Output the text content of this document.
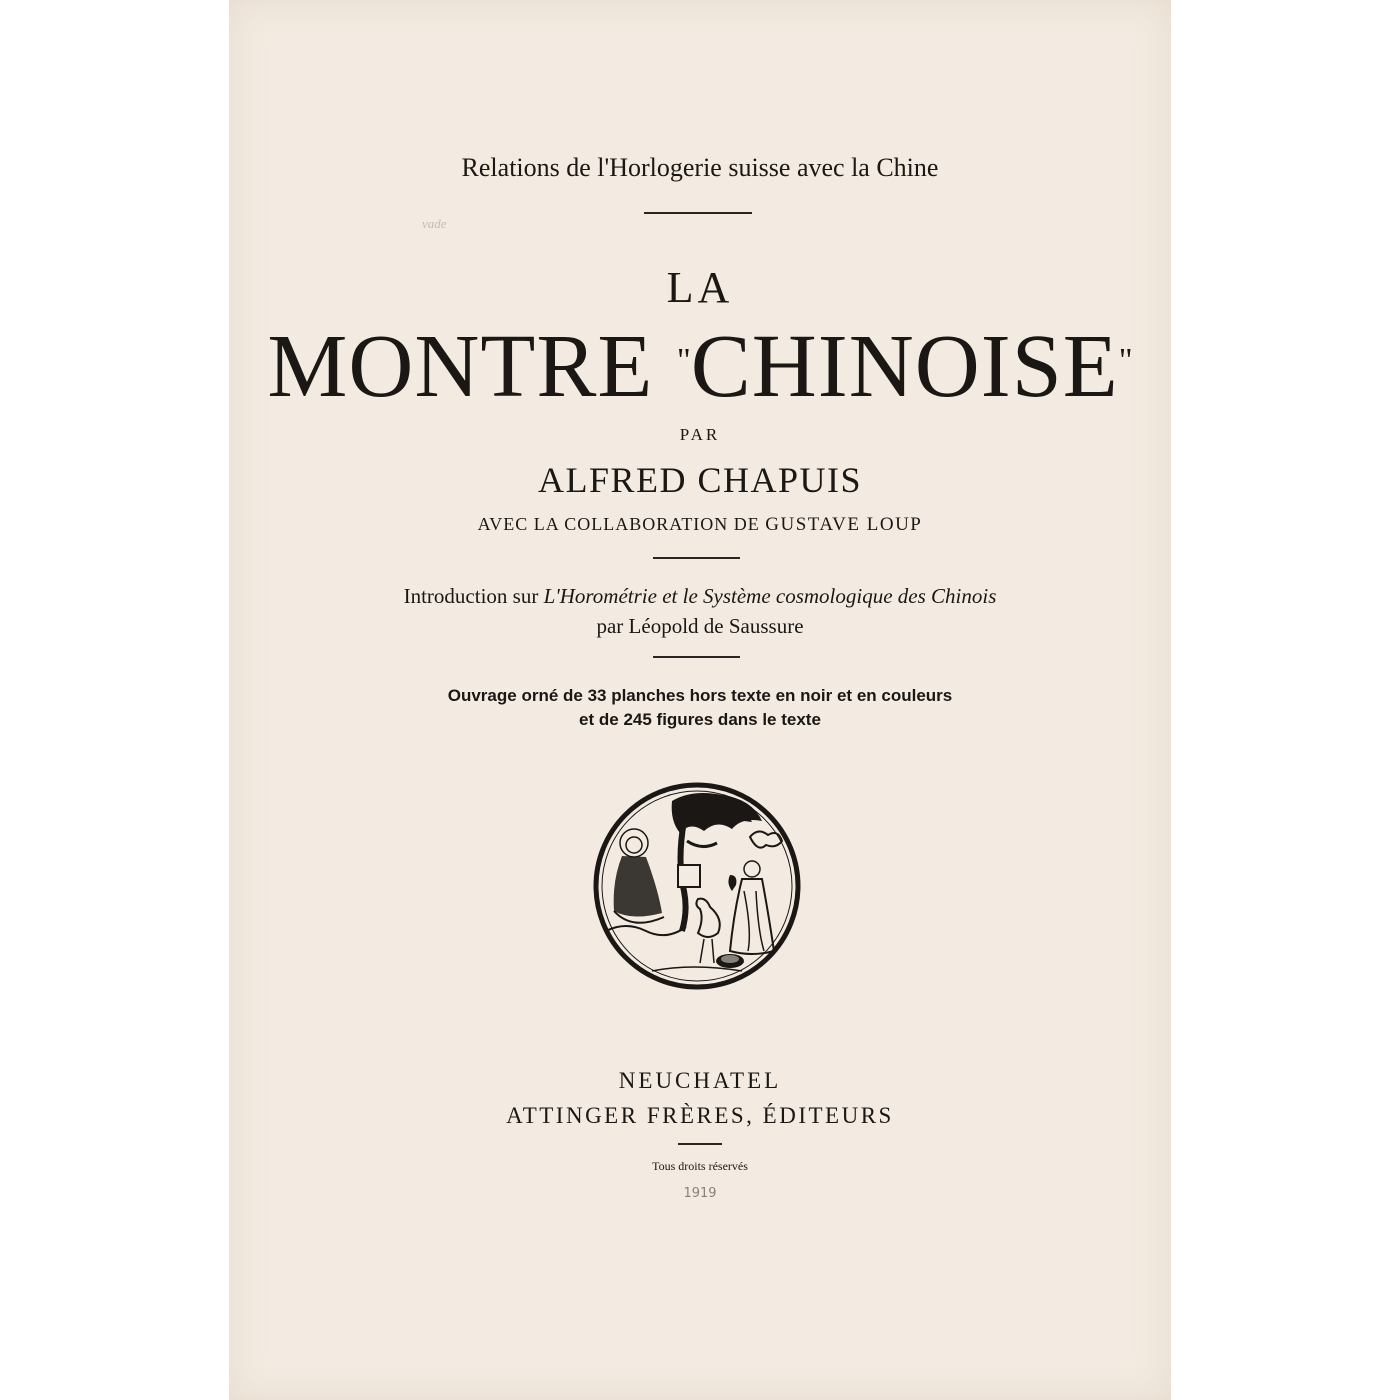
vade
Relations de l'Horlogerie suisse avec la Chine
LA
MONTRE "CHINOISE"
PAR
ALFRED CHAPUIS
AVEC LA COLLABORATION DE GUSTAVE LOUP
Introduction sur L'Horométrie et le Système cosmologique des Chinois
par Léopold de Saussure
Ouvrage orné de 33 planches hors texte en noir et en couleurs
et de 245 figures dans le texte
NEUCHATEL
ATTINGER FRÈRES, ÉDITEURS
Tous droits réservés
1919
